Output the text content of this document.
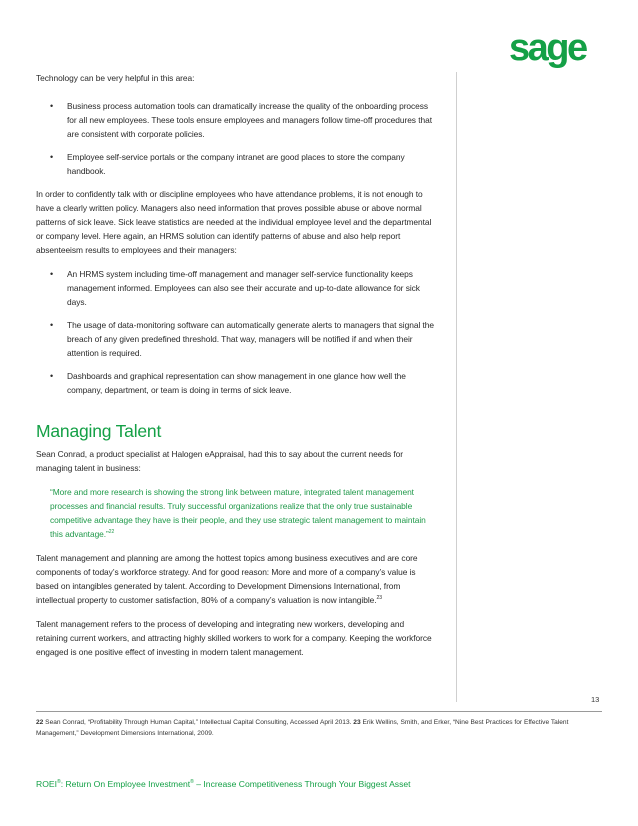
sage

Technology can be very helpful in this area:

• Business process automation tools can dramatically increase the quality of the onboarding process for all new employees. These tools ensure employees and managers follow time-off procedures that are consistent with corporate policies.
• Employee self-service portals or the company intranet are good places to store the company handbook.

In order to confidently talk with or discipline employees who have attendance problems, it is not enough to have a clearly written policy. Managers also need information that proves possible abuse or above normal patterns of sick leave. Sick leave statistics are needed at the individual employee level and the departmental or company level. Here again, an HRMS solution can identify patterns of abuse and also help report absenteeism results to employees and their managers:

• An HRMS system including time-off management and manager self-service functionality keeps management informed. Employees can also see their accurate and up-to-date allowance for sick days.
• The usage of data-monitoring software can automatically generate alerts to managers that signal the breach of any given predefined threshold. That way, managers will be notified if and when their attention is required.
• Dashboards and graphical representation can show management in one glance how well the company, department, or team is doing in terms of sick leave.
Managing Talent

Sean Conrad, a product specialist at Halogen eAppraisal, had this to say about the current needs for managing talent in business:

“More and more research is showing the strong link between mature, integrated talent management processes and financial results. Truly successful organizations realize that the only true sustainable competitive advantage they have is their people, and they use strategic talent management to maintain this advantage.”$^{22}$

Talent management and planning are among the hottest topics among business executives and are core components of today’s workforce strategy. And for good reason: More and more of a company’s value is based on intangibles generated by talent. According to Development Dimensions International, from intellectual property to customer satisfaction, 80% of a company’s valuation is now intangible.$^{23}$

Talent management refers to the process of developing and integrating new workers, developing and retaining current workers, and attracting highly skilled workers to work for a company. Keeping the workforce engaged is one positive effect of investing in modern talent management.

13
22 Sean Conrad, “Profitability Through Human Capital,” Intellectual Capital Consulting, Accessed April 2013. 23 Erik Wellins, Smith, and Erker, “Nine Best Practices for Effective Talent Management,” Development Dimensions International, 2009.
ROEI®: Return On Employee Investment® – Increase Competitiveness Through Your Biggest Asset
